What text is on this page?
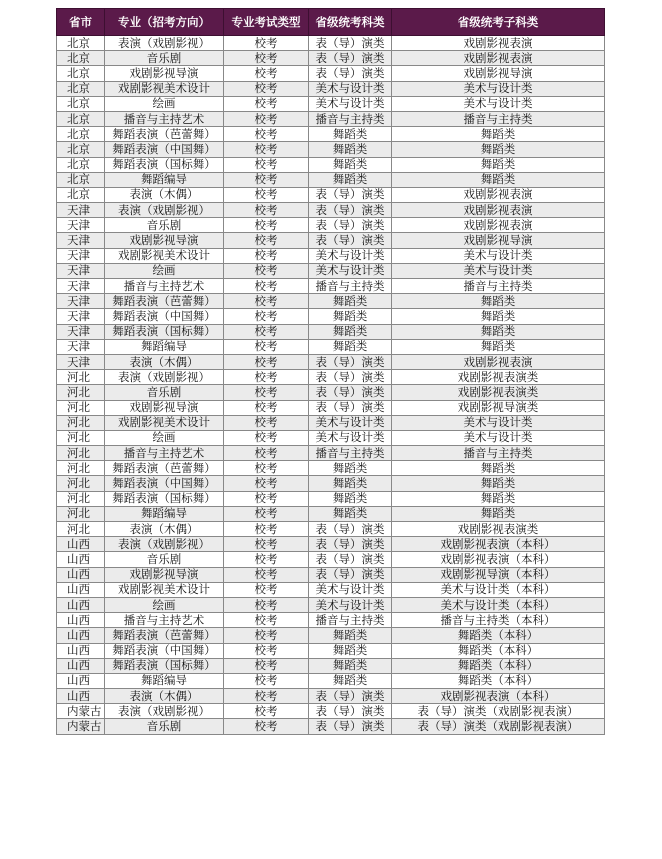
省市	专业（招考方向）	专业考试类型	省级统考科类	省级统考子科类
北京	表演（戏剧影视）	校考	表（导）演类	戏剧影视表演
北京	音乐剧	校考	表（导）演类	戏剧影视表演
北京	戏剧影视导演	校考	表（导）演类	戏剧影视导演
北京	戏剧影视美术设计	校考	美术与设计类	美术与设计类
北京	绘画	校考	美术与设计类	美术与设计类
北京	播音与主持艺术	校考	播音与主持类	播音与主持类
北京	舞蹈表演（芭蕾舞）	校考	舞蹈类	舞蹈类
北京	舞蹈表演（中国舞）	校考	舞蹈类	舞蹈类
北京	舞蹈表演（国标舞）	校考	舞蹈类	舞蹈类
北京	舞蹈编导	校考	舞蹈类	舞蹈类
北京	表演（木偶）	校考	表（导）演类	戏剧影视表演
天津	表演（戏剧影视）	校考	表（导）演类	戏剧影视表演
天津	音乐剧	校考	表（导）演类	戏剧影视表演
天津	戏剧影视导演	校考	表（导）演类	戏剧影视导演
天津	戏剧影视美术设计	校考	美术与设计类	美术与设计类
天津	绘画	校考	美术与设计类	美术与设计类
天津	播音与主持艺术	校考	播音与主持类	播音与主持类
天津	舞蹈表演（芭蕾舞）	校考	舞蹈类	舞蹈类
天津	舞蹈表演（中国舞）	校考	舞蹈类	舞蹈类
天津	舞蹈表演（国标舞）	校考	舞蹈类	舞蹈类
天津	舞蹈编导	校考	舞蹈类	舞蹈类
天津	表演（木偶）	校考	表（导）演类	戏剧影视表演
河北	表演（戏剧影视）	校考	表（导）演类	戏剧影视表演类
河北	音乐剧	校考	表（导）演类	戏剧影视表演类
河北	戏剧影视导演	校考	表（导）演类	戏剧影视导演类
河北	戏剧影视美术设计	校考	美术与设计类	美术与设计类
河北	绘画	校考	美术与设计类	美术与设计类
河北	播音与主持艺术	校考	播音与主持类	播音与主持类
河北	舞蹈表演（芭蕾舞）	校考	舞蹈类	舞蹈类
河北	舞蹈表演（中国舞）	校考	舞蹈类	舞蹈类
河北	舞蹈表演（国标舞）	校考	舞蹈类	舞蹈类
河北	舞蹈编导	校考	舞蹈类	舞蹈类
河北	表演（木偶）	校考	表（导）演类	戏剧影视表演类
山西	表演（戏剧影视）	校考	表（导）演类	戏剧影视表演（本科）
山西	音乐剧	校考	表（导）演类	戏剧影视表演（本科）
山西	戏剧影视导演	校考	表（导）演类	戏剧影视导演（本科）
山西	戏剧影视美术设计	校考	美术与设计类	美术与设计类（本科）
山西	绘画	校考	美术与设计类	美术与设计类（本科）
山西	播音与主持艺术	校考	播音与主持类	播音与主持类（本科）
山西	舞蹈表演（芭蕾舞）	校考	舞蹈类	舞蹈类（本科）
山西	舞蹈表演（中国舞）	校考	舞蹈类	舞蹈类（本科）
山西	舞蹈表演（国标舞）	校考	舞蹈类	舞蹈类（本科）
山西	舞蹈编导	校考	舞蹈类	舞蹈类（本科）
山西	表演（木偶）	校考	表（导）演类	戏剧影视表演（本科）
内蒙古	表演（戏剧影视）	校考	表（导）演类	表（导）演类（戏剧影视表演）
内蒙古	音乐剧	校考	表（导）演类	表（导）演类（戏剧影视表演）
